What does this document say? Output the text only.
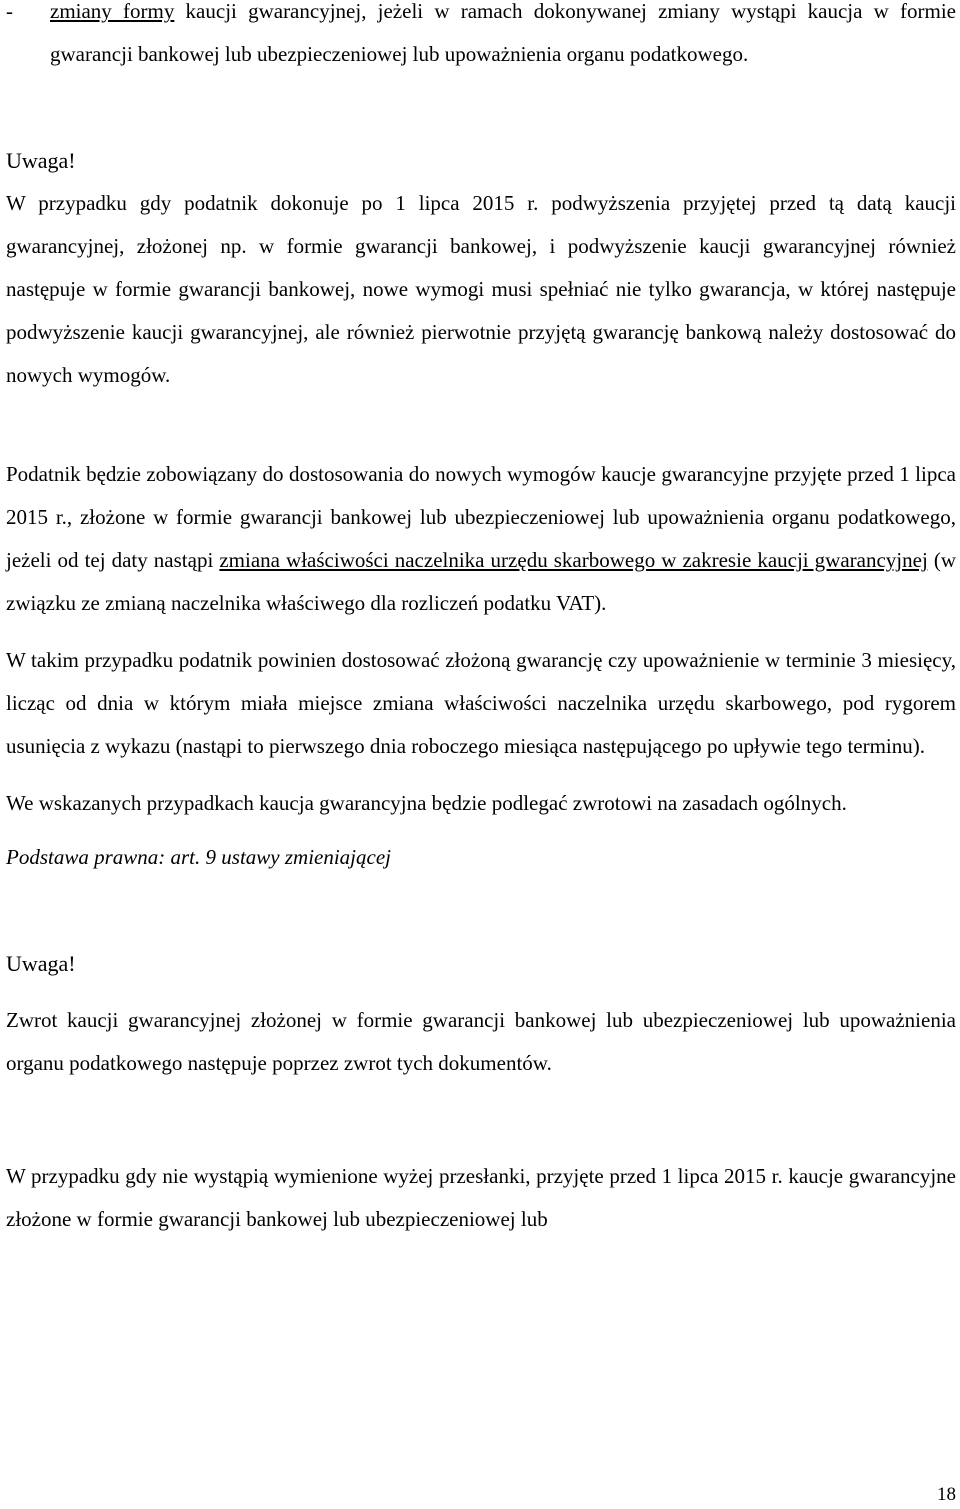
-	zmiany formy kaucji gwarancyjnej, jeżeli w ramach dokonywanej zmiany wystąpi kaucja w formie gwarancji bankowej lub ubezpieczeniowej lub upoważnienia organu podatkowego.

Uwaga!

W przypadku gdy podatnik dokonuje po 1 lipca 2015 r. podwyższenia przyjętej przed tą datą kaucji gwarancyjnej, złożonej np. w formie gwarancji bankowej, i podwyższenie kaucji gwarancyjnej również następuje w formie gwarancji bankowej, nowe wymogi musi spełniać nie tylko gwarancja, w której następuje podwyższenie kaucji gwarancyjnej, ale również pierwotnie przyjętą gwarancję bankową należy dostosować do nowych wymogów.

Podatnik będzie zobowiązany do dostosowania do nowych wymogów kaucje gwarancyjne przyjęte przed 1 lipca 2015 r., złożone w formie gwarancji bankowej lub ubezpieczeniowej lub upoważnienia organu podatkowego, jeżeli od tej daty nastąpi zmiana właściwości naczelnika urzędu skarbowego w zakresie kaucji gwarancyjnej (w związku ze zmianą naczelnika właściwego dla rozliczeń podatku VAT).

W takim przypadku podatnik powinien dostosować złożoną gwarancję czy upoważnienie w terminie 3 miesięcy, licząc od dnia w którym miała miejsce zmiana właściwości naczelnika urzędu skarbowego, pod rygorem usunięcia z wykazu (nastąpi to pierwszego dnia roboczego miesiąca następującego po upływie tego terminu).

We wskazanych przypadkach kaucja gwarancyjna będzie podlegać zwrotowi na zasadach ogólnych.

Podstawa prawna: art. 9 ustawy zmieniającej

Uwaga!

Zwrot kaucji gwarancyjnej złożonej w formie gwarancji bankowej lub ubezpieczeniowej lub upoważnienia organu podatkowego następuje poprzez zwrot tych dokumentów.

W przypadku gdy nie wystąpią wymienione wyżej przesłanki, przyjęte przed 1 lipca 2015 r. kaucje gwarancyjne złożone w formie gwarancji bankowej lub ubezpieczeniowej lub

18
